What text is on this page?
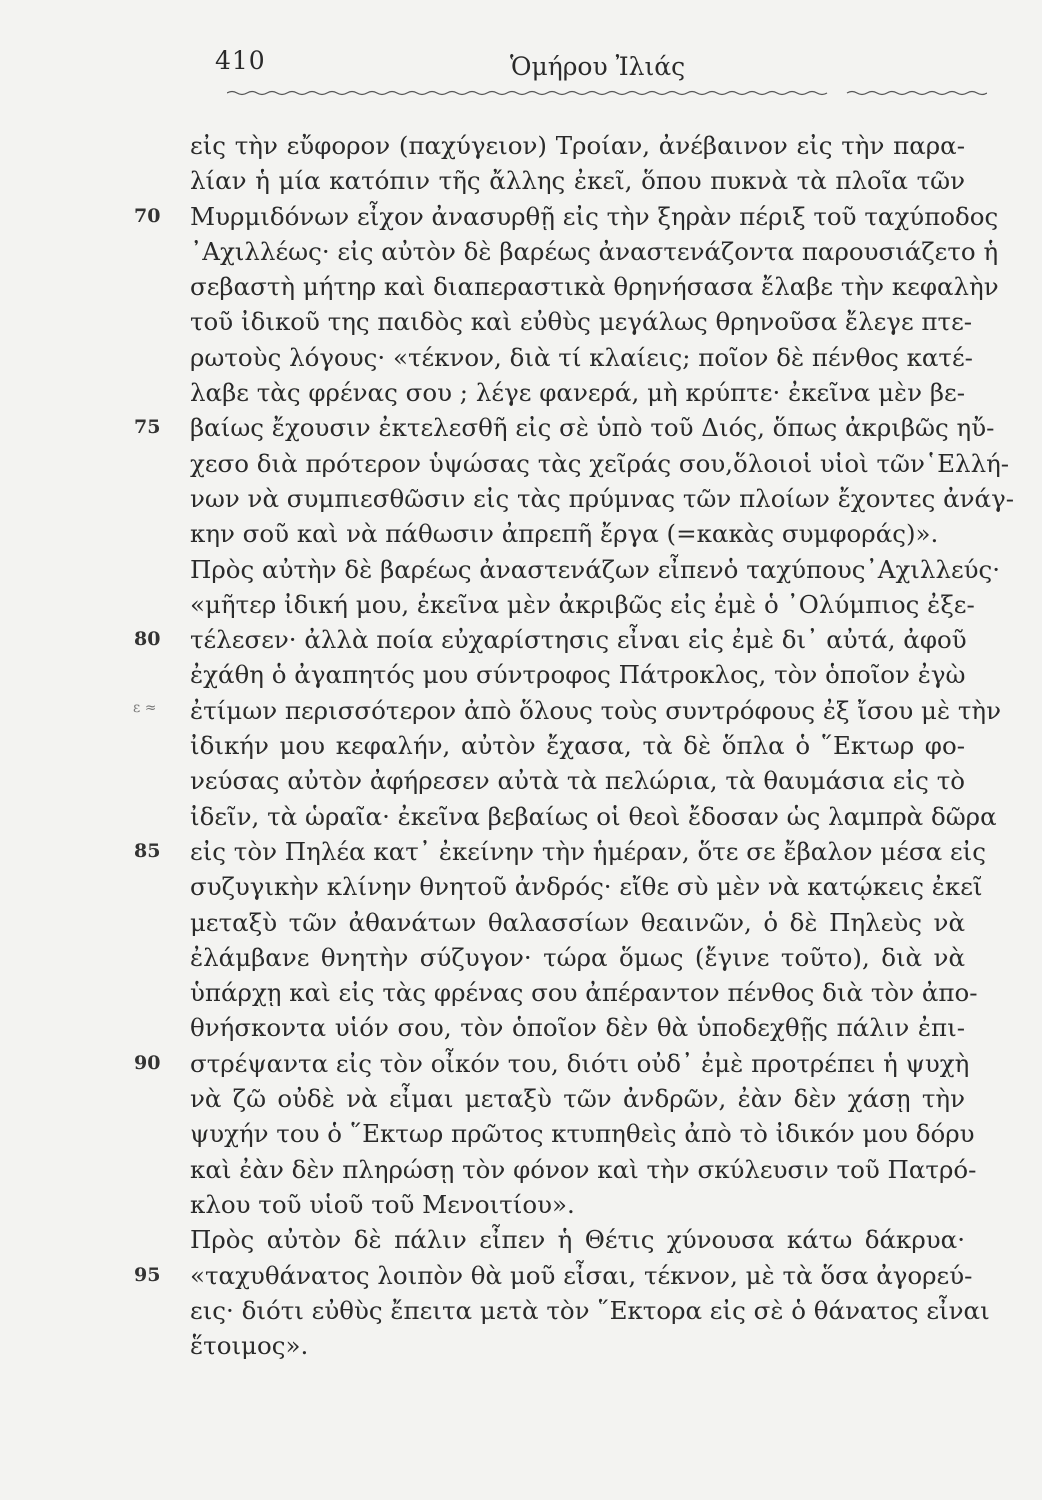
410	Ὁμήρου Ἰλιάς
ε ≈
εἰς τὴν εὔφορον (παχύγειον) Τροίαν, ἀνέβαινον εἰς τὴν παρα-
λίαν ἡ μία κατόπιν τῆς ἄλλης ἐκεῖ, ὅπου πυκνὰ τὰ πλοῖα τῶν
70 Μυρμιδόνων εἶχον ἀνασυρθῇ εἰς τὴν ξηρὰν πέριξ τοῦ ταχύποδος
᾿Αχιλλέως· εἰς αὐτὸν δὲ βαρέως ἀναστενάζοντα παρουσιάζετο ἡ
σεβαστὴ μήτηρ καὶ διαπεραστικὰ θρηνήσασα ἔλαβε τὴν κεφαλὴν
τοῦ ἰδικοῦ της παιδὸς καὶ εὐθὺς μεγάλως θρηνοῦσα ἔλεγε πτε-
ρωτοὺς λόγους· «τέκνον, διὰ τί κλαίεις; ποῖον δὲ πένθος κατέ-
λαβε τὰς φρένας σου ; λέγε φανερά, μὴ κρύπτε· ἐκεῖνα μὲν βε-
75 βαίως ἔχουσιν ἐκτελεσθῆ εἰς σὲ ὑπὸ τοῦ Διός, ὅπως ἀκριβῶς ηὔ-
χεσο διὰ πρότερον ὑψώσας τὰς χεῖράς σου,ὅλοιοἱ υἱοὶ τῶν῾Ελλή-
νων νὰ συμπιεσθῶσιν εἰς τὰς πρύμνας τῶν πλοίων ἔχοντες ἀνάγ-
κην σοῦ καὶ νὰ πάθωσιν ἀπρεπῆ ἔργα (=κακὰς συμφοράς)».
Πρὸς αὐτὴν δὲ βαρέως ἀναστενάζων εἶπενὁ ταχύπους᾿Αχιλλεύς·
«μῆτερ ἰδική μου, ἐκεῖνα μὲν ἀκριβῶς εἰς ἐμὲ ὁ ᾿Ολύμπιος ἐξε-
80 τέλεσεν· ἀλλὰ ποία εὐχαρίστησις εἶναι εἰς ἐμὲ δι᾿ αὐτά, ἀφοῦ
ἐχάθη ὁ ἀγαπητός μου σύντροφος Πάτροκλος, τὸν ὁποῖον ἐγὼ
ἐτίμων περισσότερον ἀπὸ ὅλους τοὺς συντρόφους ἐξ ἴσου μὲ τὴν
ἰδικήν μου κεφαλήν, αὐτὸν ἔχασα, τὰ δὲ ὅπλα ὁ ῞Εκτωρ φο-
νεύσας αὐτὸν ἀφήρεσεν αὐτὰ τὰ πελώρια, τὰ θαυμάσια εἰς τὸ
ἰδεῖν, τὰ ὡραῖα· ἐκεῖνα βεβαίως οἱ θεοὶ ἔδοσαν ὡς λαμπρὰ δῶρα
85 εἰς τὸν Πηλέα κατ᾿ ἐκείνην τὴν ἡμέραν, ὅτε σε ἔβαλον μέσα εἰς
συζυγικὴν κλίνην θνητοῦ ἀνδρός· εἴθε σὺ μὲν νὰ κατῴκεις ἐκεῖ
μεταξὺ τῶν ἀθανάτων θαλασσίων θεαινῶν, ὁ δὲ Πηλεὺς νὰ
ἐλάμβανε θνητὴν σύζυγον· τώρα ὅμως (ἔγινε τοῦτο), διὰ νὰ
ὑπάρχῃ καὶ εἰς τὰς φρένας σου ἀπέραντον πένθος διὰ τὸν ἀπο-
θνήσκοντα υἱόν σου, τὸν ὁποῖον δὲν θὰ ὑποδεχθῇς πάλιν ἐπι-
90 στρέψαντα εἰς τὸν οἶκόν του, διότι οὐδ᾿ ἐμὲ προτρέπει ἡ ψυχὴ
νὰ ζῶ οὐδὲ νὰ εἶμαι μεταξὺ τῶν ἀνδρῶν, ἐὰν δὲν χάσῃ τὴν
ψυχήν του ὁ ῞Εκτωρ πρῶτος κτυπηθεὶς ἀπὸ τὸ ἰδικόν μου δόρυ
καὶ ἐὰν δὲν πληρώσῃ τὸν φόνον καὶ τὴν σκύλευσιν τοῦ Πατρό-
κλου τοῦ υἱοῦ τοῦ Μενοιτίου».
Πρὸς αὐτὸν δὲ πάλιν εἶπεν ἡ Θέτις χύνουσα κάτω δάκρυα·
95 «ταχυθάνατος λοιπὸν θὰ μοῦ εἶσαι, τέκνον, μὲ τὰ ὅσα ἀγορεύ-
εις· διότι εὐθὺς ἔπειτα μετὰ τὸν ῞Εκτορα εἰς σὲ ὁ θάνατος εἶναι
ἕτοιμος».
